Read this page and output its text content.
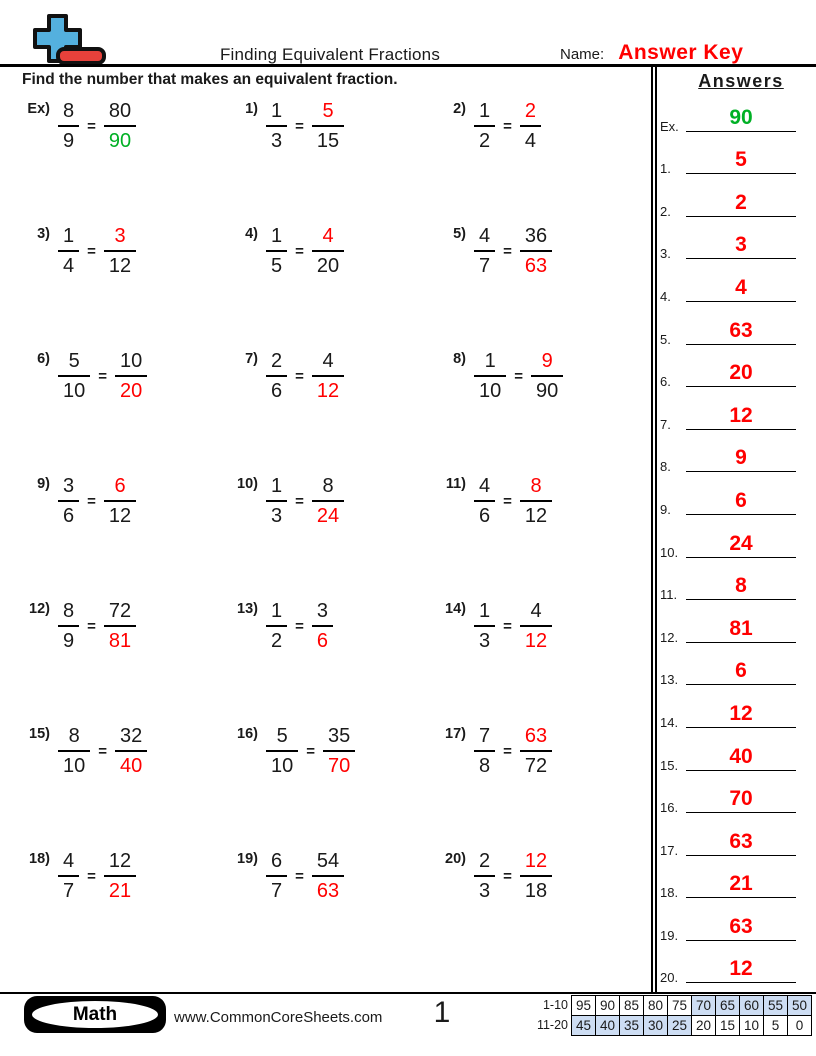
Finding Equivalent Fractions	Name: Answer Key
Find the number that makes an equivalent fraction.
$Ex) \frac{8}{9} = \frac{80}{90}$	$1) \frac{1}{3} = \frac{5}{15}$	$2) \frac{1}{2} = \frac{2}{4}$
$3) \frac{1}{4} = \frac{3}{12}$	$4) \frac{1}{5} = \frac{4}{20}$	$5) \frac{4}{7} = \frac{36}{63}$
$6) \frac{5}{10} = \frac{10}{20}$	$7) \frac{2}{6} = \frac{4}{12}$	$8) \frac{1}{10} = \frac{9}{90}$
$9) \frac{3}{6} = \frac{6}{12}$	$10) \frac{1}{3} = \frac{8}{24}$	$11) \frac{4}{6} = \frac{8}{12}$
$12) \frac{8}{9} = \frac{72}{81}$	$13) \frac{1}{2} = \frac{3}{6}$	$14) \frac{1}{3} = \frac{4}{12}$
$15) \frac{8}{10} = \frac{32}{40}$	$16) \frac{5}{10} = \frac{35}{70}$	$17) \frac{7}{8} = \frac{63}{72}$
$18) \frac{4}{7} = \frac{12}{21}$	$19) \frac{6}{7} = \frac{54}{63}$	$20) \frac{2}{3} = \frac{12}{18}$
Answers
Ex.	90
1.	5
2.	2
3.	3
4.	4
5.	63
6.	20
7.	12
8.	9
9.	6
10.	24
11.	8
12.	81
13.	6
14.	12
15.	40
16.	70
17.	63
18.	21
19.	63
20.	12
Math	www.CommonCoreSheets.com	1	1-10 95 90 85 80 75 70 65 60 55 50
11-20 45 40 35 30 25 20 15 10 5	0
